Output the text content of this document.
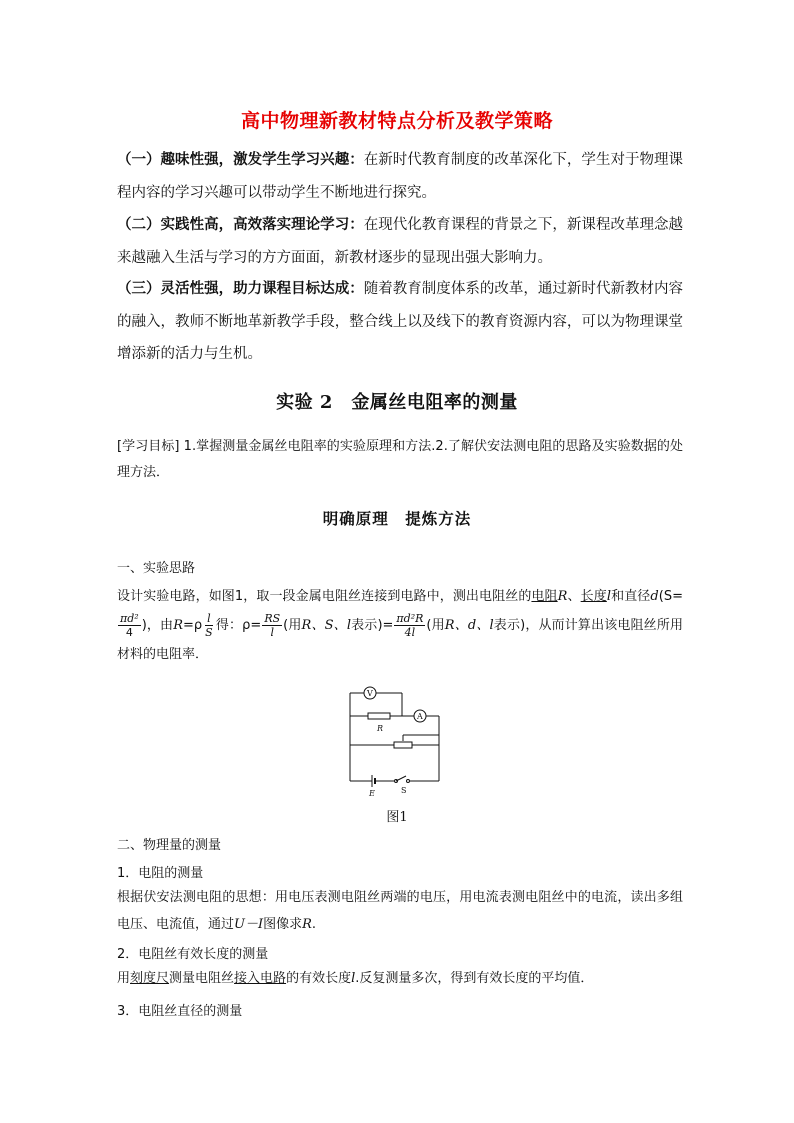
高中物理新教材特点分析及教学策略
（一）趣味性强，激发学生学习兴趣：在新时代教育制度的改革深化下，学生对于物理课程内容的学习兴趣可以带动学生不断地进行探究。
（二）实践性高，高效落实理论学习：在现代化教育课程的背景之下，新课程改革理念越来越融入生活与学习的方方面面，新教材逐步的显现出强大影响力。
（三）灵活性强，助力课程目标达成：随着教育制度体系的改革，通过新时代新教材内容的融入，教师不断地革新教学手段，整合线上以及线下的教育资源内容，可以为物理课堂增添新的活力与生机。
实验 2　金属丝电阻率的测量
[学习目标] 1.掌握测量金属丝电阻率的实验原理和方法.2.了解伏安法测电阻的思路及实验数据的处理方法．
明确原理　提炼方法
一、实验思路
设计实验电路，如图1，取一段金属电阻丝连接到电路中，测出电阻丝的电阻R、长度l和直径d(S=
$\frac{\text{πd²}}{4}$ )，由$R=\rho \frac{l}{S}$ 得：$\rho= \frac{RS}{l}$ (用R、S、l表示)= $\frac{\text{πd²R}}{4l}$ (用R、d、l表示)，从而计算出该电阻丝所用材料的电阻率．
V
A
R
E	S
图1
二、物理量的测量
1．电阻的测量
根据伏安法测电阻的思想：用电压表测电阻丝两端的电压，用电流表测电阻丝中的电流，读出多组电压、电流值，通过U－I图像求R.
2．电阻丝有效长度的测量
用刻度尺测量电阻丝接入电路的有效长度l.反复测量多次，得到有效长度的平均值．
3．电阻丝直径的测量
